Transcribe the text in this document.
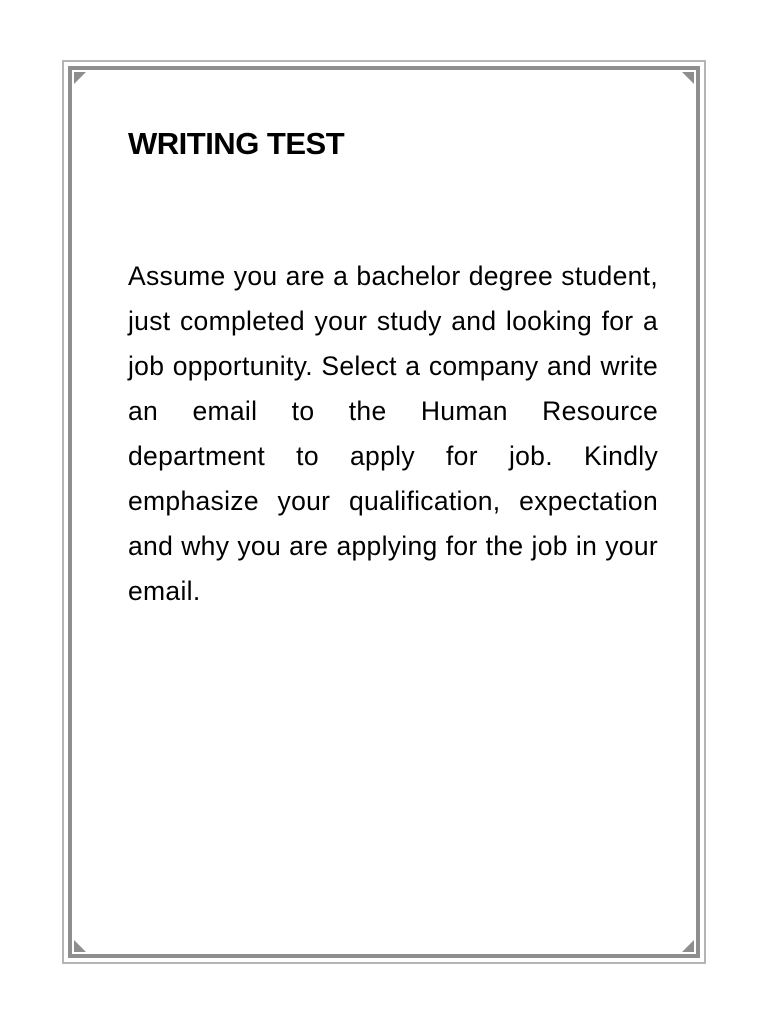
WRITING TEST

Assume you are a bachelor degree student, just completed your study and looking for a job opportunity. Select a company and write an email to the Human Resource department to apply for job. Kindly emphasize your qualification, expectation and why you are applying for the job in your email.
